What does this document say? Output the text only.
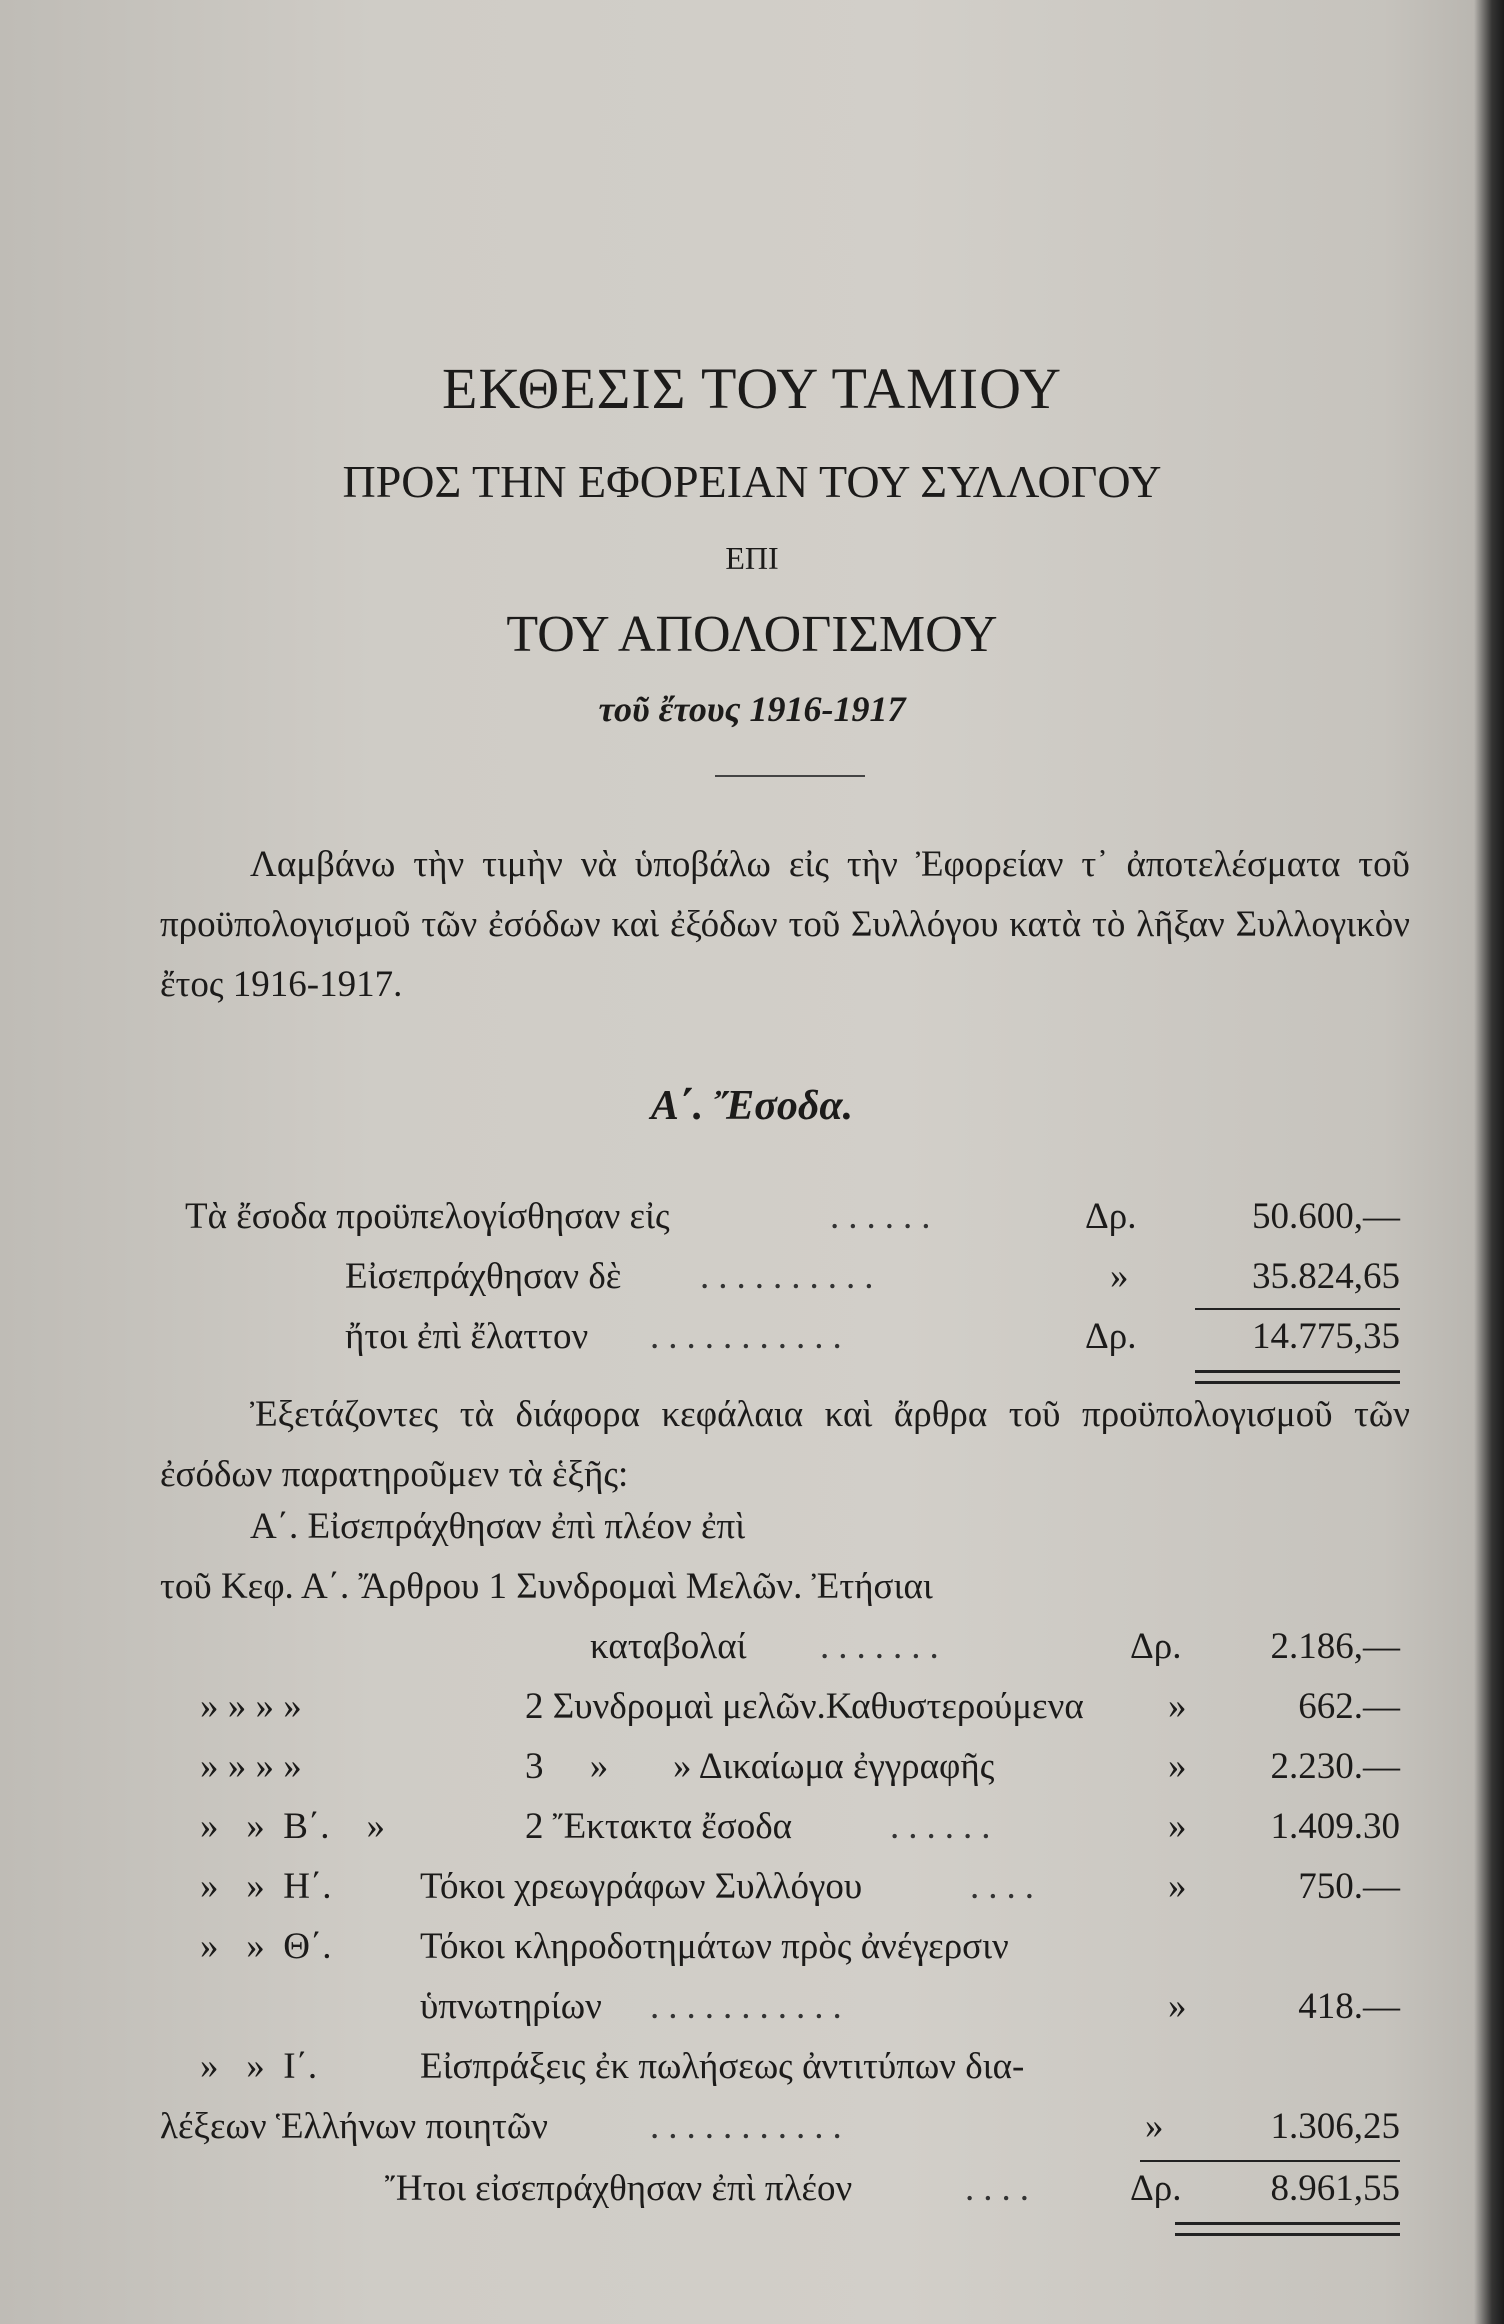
ΕΚΘΕΣΙΣ ΤΟΥ ΤΑΜΙΟΥ
ΠΡΟΣ ΤΗΝ ΕΦΟΡΕΙΑΝ ΤΟΥ ΣΥΛΛΟΓΟΥ
ΕΠΙ
ΤΟΥ ΑΠΟΛΟΓΙΣΜΟΥ
τοῦ ἔτους 1916-1917

Λαμβάνω τὴν τιμὴν νὰ ὑποβάλω εἰς τὴν Ἐφορείαν τ᾽ ἀποτελέσματα τοῦ προϋπολογισμοῦ τῶν ἐσόδων καὶ ἐξόδων τοῦ Συλλόγου κατὰ τὸ λῆξαν Συλλογικὸν ἔτος 1916-1917.

Α΄. Ἔσοδα.
Τὰ ἔσοδα προϋπελογίσθησαν εἰς	......	Δρ.	50.600,—
Εἰσεπράχθησαν δὲ ..........	»	35.824,65
ἤτοι ἐπὶ ἔλαττον ...........	Δρ.	14.775,35

Ἐξετάζοντες τὰ διάφορα κεφάλαια καὶ ἄρθρα τοῦ προϋπολογισμοῦ τῶν ἐσόδων παρατηροῦμεν τὰ ἑξῆς:

Α΄. Εἰσεπράχθησαν ἐπὶ πλέον ἐπὶ
τοῦ Κεφ. Α΄. Ἄρθρου 1 Συνδρομαὶ Μελῶν. Ἐτήσιαι
καταβολαί .......	Δρ. 2.186,—
» » » »	2 Συνδρομαὶ μελῶν.Καθυστερούμενα »	662.—
» » » »	3     »       » Δικαίωμα ἐγγραφῆς	» 2.230.—
»   »  Β΄.    »	2 Ἔκτακτα ἔσοδα	......	» 1.409.30
»   »  Η΄. Τόκοι χρεωγράφων Συλλόγου	....	»	750.—
»   »  Θ΄. Τόκοι κληροδοτημάτων πρὸς ἀνέγερσιν
ὑπνωτηρίων ...........	»	418.—
»   »  Ι΄.	Εἰσπράξεις ἐκ πωλήσεως ἀντιτύπων δια-
λέξεων Ἑλλήνων ποιητῶν	...........	»	1.306,25
Ἤτοι εἰσεπράχθησαν ἐπὶ πλέον	.... Δρ. 8.961,55
